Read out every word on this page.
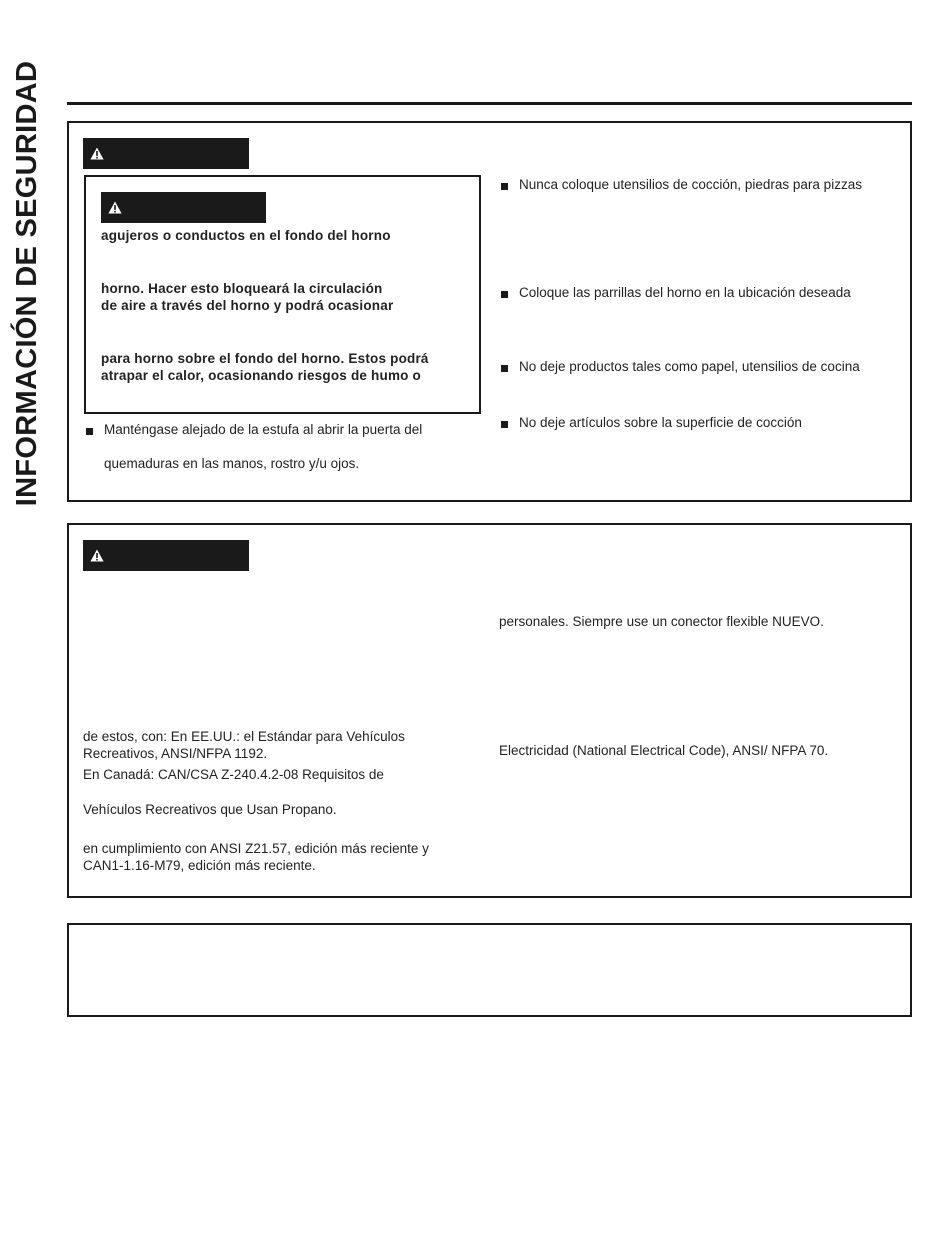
INFORMACIÓN DE SEGURIDAD	agujeros o conductos en el fondo del horno

horno. Hacer esto bloqueará la circulación

de aire a través del horno y podrá ocasionar

para horno sobre el fondo del horno. Estos podrá

atrapar el calor, ocasionando riesgos de humo o

Manténgase alejado de la estufa al abrir la puerta del

quemaduras en las manos, rostro y/u ojos.

Nunca coloque utensilios de cocción, piedras para pizzas

Coloque las parrillas del horno en la ubicación deseada

No deje productos tales como papel, utensilios de cocina

No deje artículos sobre la superficie de cocción

personales. Siempre use un conector flexible NUEVO.

Electricidad (National Electrical Code), ANSI/ NFPA 70.

de estos, con: En EE.UU.: el Estándar para Vehículos

Recreativos, ANSI/NFPA 1192.

En Canadá: CAN/CSA Z-240.4.2-08 Requisitos de

Vehículos Recreativos que Usan Propano.

en cumplimiento con ANSI Z21.57, edición más reciente y

CAN1-1.16-M79, edición más reciente.
